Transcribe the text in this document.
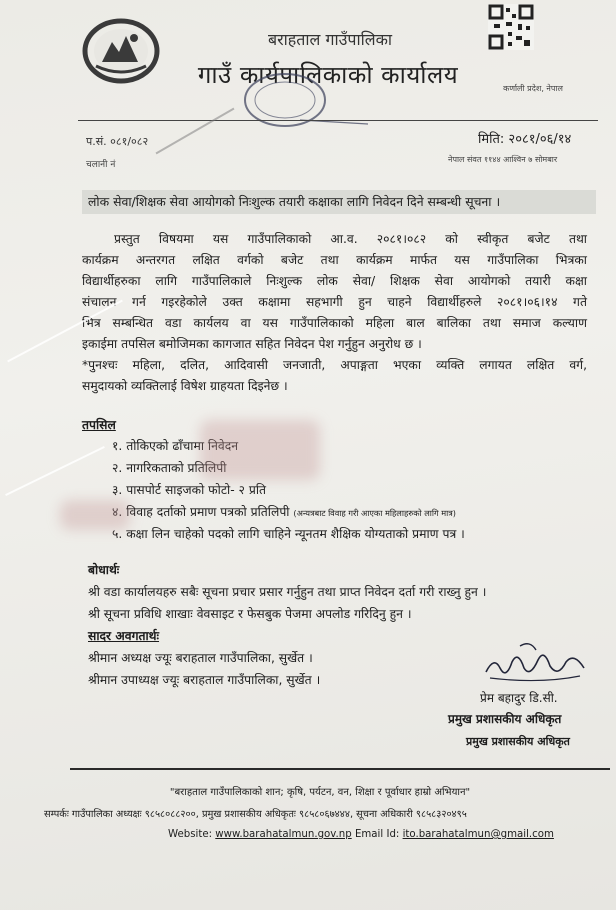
बराहताल गाउँपालिका
गाउँ कार्यपालिकाको कार्यालय	कर्णाली प्रदेश, नेपाल
प.सं. ०८१/०८२
चलानी नं
मिति: २०८१/०६/१४
नेपाल संवत ११४४ आश्विन ७ सोमबार
लोक सेवा/शिक्षक सेवा आयोगको निःशुल्क तयारी कक्षाका लागि निवेदन दिने सम्बन्धी सूचना ।

प्रस्तुत विषयमा यस गाउँपालिकाको आ.व. २०८१।०८२ को स्वीकृत बजेट तथा

कार्यक्रम अन्तरगत लक्षित वर्गको बजेट तथा कार्यक्रम मार्फत यस गाउँपालिका भित्रका

विद्यार्थीहरुका लागि गाउँपालिकाले निःशुल्क लोक सेवा/ शिक्षक सेवा आयोगको तयारी कक्षा

संचालन गर्न गइरहेकोले उक्त कक्षामा सहभागी हुन चाहने विद्यार्थीहरुले २०८१।०६।१४ गते

भित्र सम्बन्धित वडा कार्यलय वा यस गाउँपालिकाको महिला बाल बालिका तथा समाज कल्याण

इकाईमा तपसिल बमोजिमका कागजात सहित निवेदन पेश गर्नुहुन अनुरोध छ ।

*पुनश्चः महिला, दलित, आदिवासी जनजाती, अपाङ्गता भएका व्यक्ति लगायत लक्षित वर्ग,

समुदायको व्यक्तिलाई विषेश ग्राहयता दिइनेछ ।

तपसिल
१. तोकिएको ढाँचामा निवेदन
२. नागरिकताको प्रतिलिपी
३. पासपोर्ट साइजको फोटो- २ प्रति
४. विवाह दर्ताको प्रमाण पत्रको प्रतिलिपी (अन्यत्रबाट विवाह गरी आएका महिलाहरुको लागि मात्र)
५. कक्षा लिन चाहेको पदको लागि चाहिने न्यूनतम शैक्षिक योग्यताको प्रमाण पत्र ।
बोधार्थः
श्री वडा कार्यालयहरु सबैः सूचना प्रचार प्रसार गर्नुहुन तथा प्राप्त निवेदन दर्ता गरी राख्नु हुन ।
श्री सूचना प्रविधि शाखाः वेवसाइट र फेसबुक पेजमा अपलोड गरिदिनु हुन ।
सादर अवगतार्थः
श्रीमान अध्यक्ष ज्यूः बराहताल गाउँपालिका, सुर्खेत ।
श्रीमान उपाध्यक्ष ज्यूः बराहताल गाउँपालिका, सुर्खेत ।
प्रेम बहादुर डि.सी.
प्रमुख प्रशासकीय अधिकृत
प्रमुख प्रशासकीय अधिकृत
"बराहताल गाउँपालिकाको शान; कृषि, पर्यटन, वन, शिक्षा र पूर्वाधार हाम्रो अभियान"
सम्पर्कः गाउँपालिका अध्यक्षः ९८५८०८८२००, प्रमुख प्रशासकीय अधिकृतः ९८५८०६७४४४, सूचना अधिकारी ९८५८३२०४९५
Website: www.barahatalmun.gov.np Email Id: ito.barahatalmun@gmail.com
